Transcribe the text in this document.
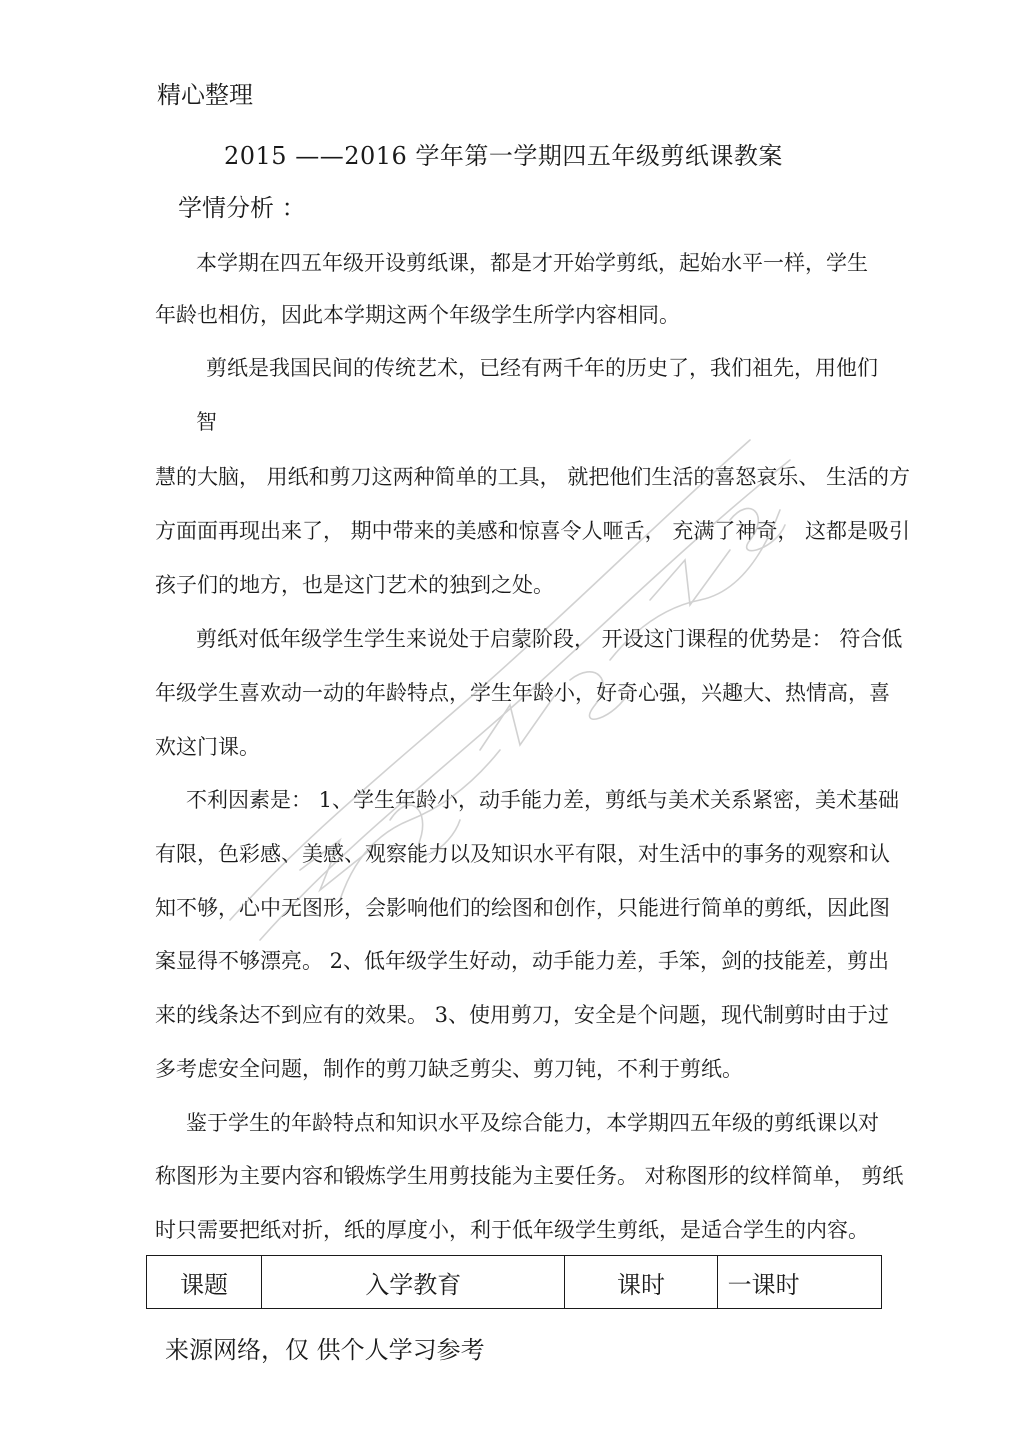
精心整理
2015 ——2016 学年第一学期四五年级剪纸课教案
学情分析 ：
本学期在四五年级开设剪纸课，都是才开始学剪纸，起始水平一样，学生
年龄也相仿，因此本学期这两个年级学生所学内容相同。
剪纸是我国民间的传统艺术，已经有两千年的历史了，我们祖先，用他们
智
慧的大脑， 用纸和剪刀这两种简单的工具， 就把他们生活的喜怒哀乐、 生活的方
方面面再现出来了， 期中带来的美感和惊喜令人咂舌， 充满了神奇， 这都是吸引
孩子们的地方，也是这门艺术的独到之处。
剪纸对低年级学生学生来说处于启蒙阶段， 开设这门课程的优势是： 符合低
年级学生喜欢动一动的年龄特点，学生年龄小，好奇心强，兴趣大、热情高，喜
欢这门课。
不利因素是： 1、学生年龄小，动手能力差，剪纸与美术关系紧密，美术基础
有限，色彩感、美感、观察能力以及知识水平有限，对生活中的事务的观察和认
知不够，心中无图形，会影响他们的绘图和创作，只能进行简单的剪纸，因此图
案显得不够漂亮。 2、低年级学生好动，动手能力差，手笨，剑的技能差，剪出
来的线条达不到应有的效果。 3、使用剪刀，安全是个问题，现代制剪时由于过
多考虑安全问题，制作的剪刀缺乏剪尖、剪刀钝，不利于剪纸。
鉴于学生的年龄特点和知识水平及综合能力，本学期四五年级的剪纸课以对
称图形为主要内容和锻炼学生用剪技能为主要任务。 对称图形的纹样简单， 剪纸
时只需要把纸对折，纸的厚度小，利于低年级学生剪纸，是适合学生的内容。
课题	入学教育	课时	一课时
来源网络，仅 供个人学习参考
